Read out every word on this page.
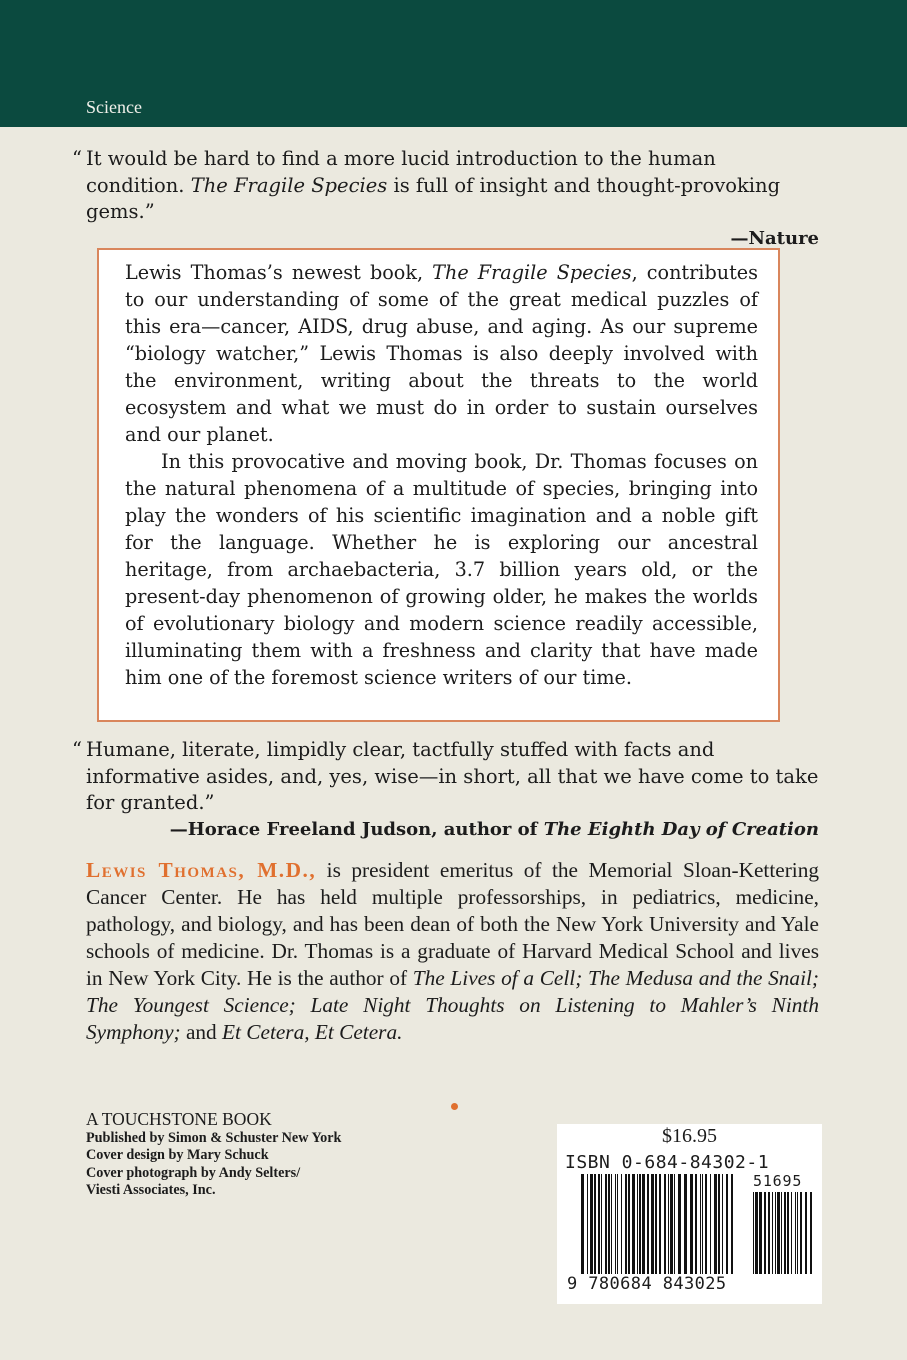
Science
“ It would be hard to find a more lucid introduction to the human condition. The Fragile Species is full of insight and thought-provoking gems.”

—Nature

Lewis Thomas’s newest book, The Fragile Species, contributes to our understanding of some of the great medical puzzles of this era—cancer, AIDS, drug abuse, and aging. As our supreme “biology watcher,” Lewis Thomas is also deeply involved with the environment, writing about the threats to the world ecosystem and what we must do in order to sustain ourselves and our planet.

In this provocative and moving book, Dr. Thomas focuses on the natural phenomena of a multitude of species, bringing into play the wonders of his scientific imagination and a noble gift for the language. Whether he is exploring our ancestral heritage, from archaebacteria, 3.7 billion years old, or the present-day phenomenon of growing older, he makes the worlds of evolutionary biology and modern science readily accessible, illuminating them with a freshness and clarity that have made him one of the foremost science writers of our time.

“ Humane, literate, limpidly clear, tactfully stuffed with facts and informative asides, and, yes, wise—in short, all that we have come to take for granted.”

—Horace Freeland Judson, author of The Eighth Day of Creation

Lewis Thomas, M.D., is president emeritus of the Memorial Sloan-Kettering Cancer Center. He has held multiple professorships, in pediatrics, medicine, pathology, and biology, and has been dean of both the New York University and Yale schools of medicine. Dr. Thomas is a graduate of Harvard Medical School and lives in New York City. He is the author of The Lives of a Cell; The Medusa and the Snail; The Youngest Science; Late Night Thoughts on Listening to Mahler’s Ninth Symphony; and Et Cetera, Et Cetera.

A TOUCHSTONE BOOK
Published by Simon & Schuster New York
Cover design by Mary Schuck
Cover photograph by Andy Selters/
Viesti Associates, Inc.
$16.95
ISBN 0-684-84302-1
51695
9 780684 843025
